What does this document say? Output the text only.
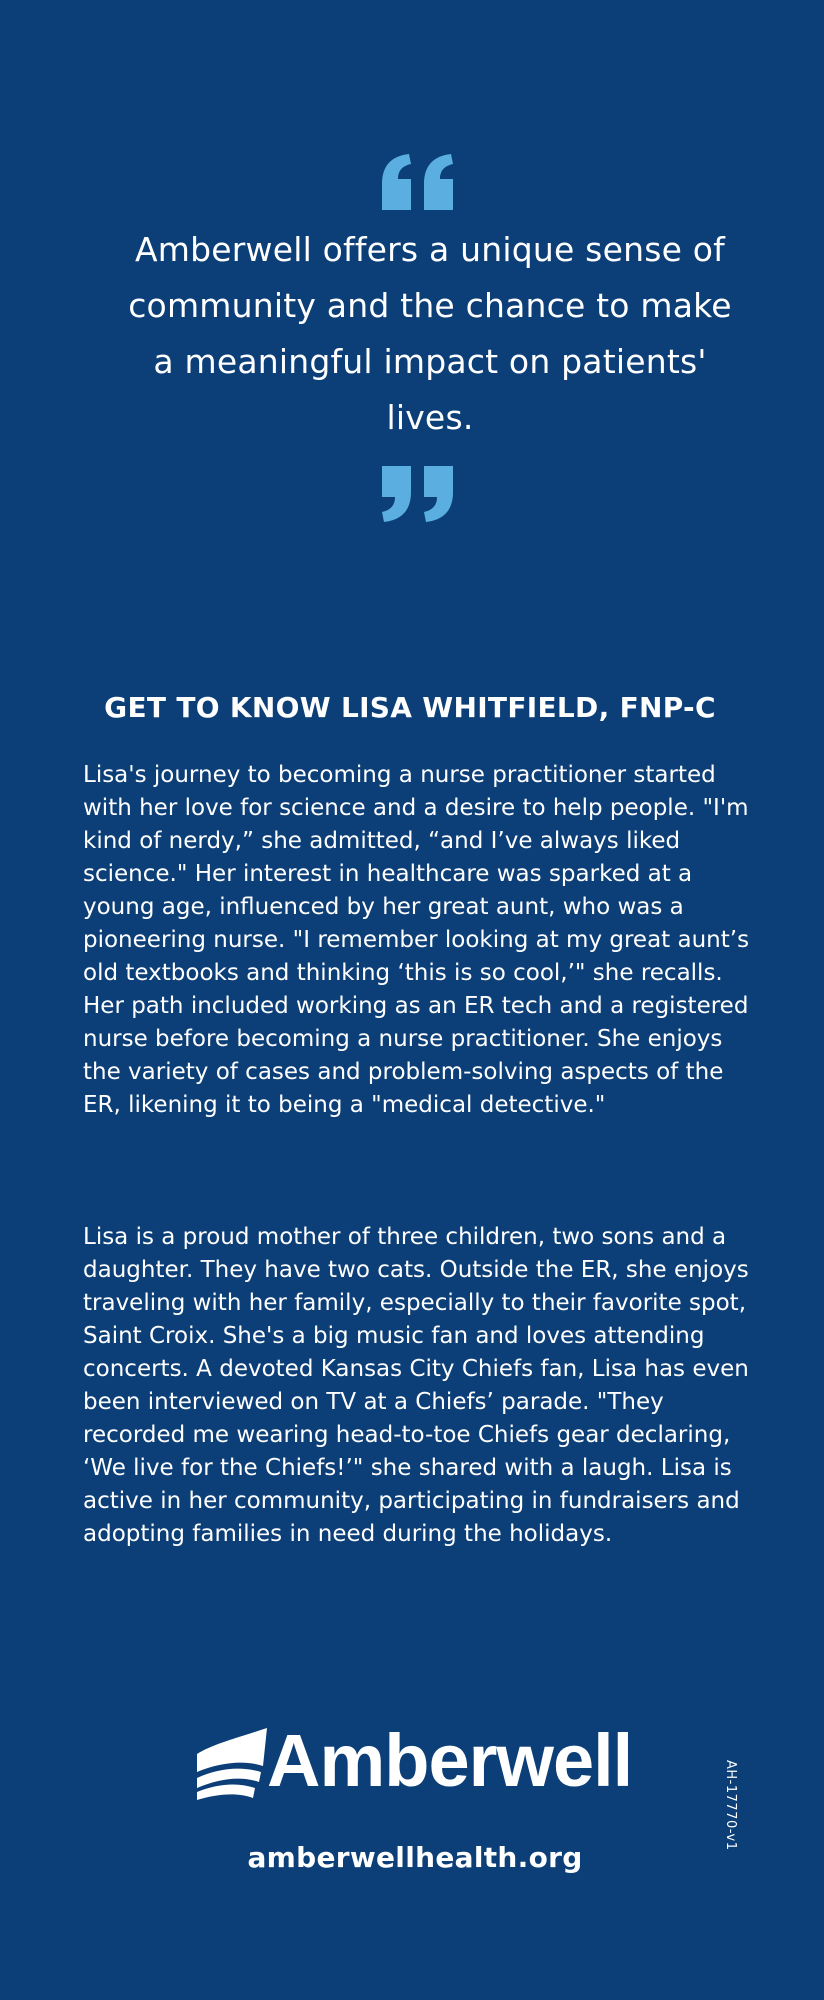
Amberwell offers a unique sense of community and the chance to make a meaningful impact on patients' lives.

GET TO KNOW LISA WHITFIELD, FNP-C

Lisa's journey to becoming a nurse practitioner started with her love for science and a desire to help people. "I'm kind of nerdy,” she admitted, “and I’ve always liked science." Her interest in healthcare was sparked at a young age, influenced by her great aunt, who was a pioneering nurse. "I remember looking at my great aunt’s old textbooks and thinking ‘this is so cool,’" she recalls. Her path included working as an ER tech and a registered nurse before becoming a nurse practitioner. She enjoys the variety of cases and problem-solving aspects of the ER, likening it to being a "medical detective."

Lisa is a proud mother of three children, two sons and a daughter. They have two cats. Outside the ER, she enjoys traveling with her family, especially to their favorite spot, Saint Croix. She's a big music fan and loves attending concerts. A devoted Kansas City Chiefs fan, Lisa has even been interviewed on TV at a Chiefs’ parade. "They recorded me wearing head-to-toe Chiefs gear declaring, ‘We live for the Chiefs!’" she shared with a laugh. Lisa is active in her community, participating in fundraisers and adopting families in need during the holidays.

Amberwell
amberwellhealth.org
AH-17770-v1
